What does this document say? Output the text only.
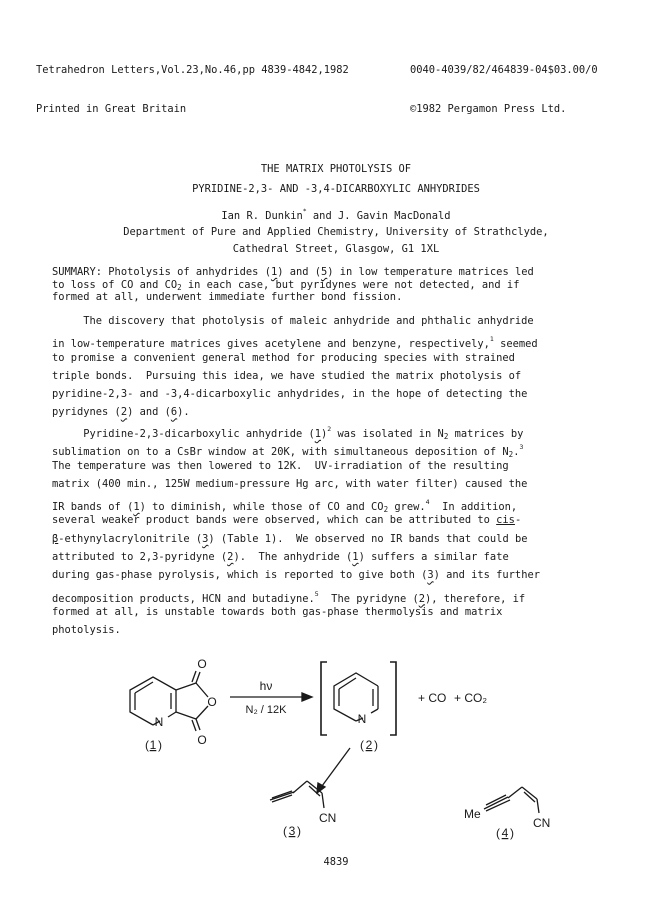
Tetrahedron Letters,Vol.23,No.46,pp 4839-4842,1982

Printed in Great Britain

0040-4039/82/464839-04$03.00/0

©1982 Pergamon Press Ltd.

THE MATRIX PHOTOLYSIS OF
PYRIDINE-2,3- AND -3,4-DICARBOXYLIC ANHYDRIDES
Ian R. Dunkin* and J. Gavin MacDonald
Department of Pure and Applied Chemistry, University of Strathclyde,
Cathedral Street, Glasgow, G1 1XL
SUMMARY: Photolysis of anhydrides (1) and (5) in low temperature matrices led
to loss of CO and $CO_2$ in each case, but pyridynes were not detected, and if
formed at all, underwent immediate further bond fission.
The discovery that photolysis of maleic anhydride and phthalic anhydride
in low-temperature matrices gives acetylene and benzyne, respectively,$^1$ seemed
to promise a convenient general method for producing species with strained
triple bonds.  Pursuing this idea, we have studied the matrix photolysis of
pyridine-2,3- and -3,4-dicarboxylic anhydrides, in the hope of detecting the
pyridynes (2) and (6).
Pyridine-2,3-dicarboxylic anhydride (1)$^2$ was isolated in $N_2$ matrices by
sublimation on to a CsBr window at 20K, with simultaneous deposition of $N_2.^3$
The temperature was then lowered to 12K.  UV-irradiation of the resulting
matrix (400 min., 125W medium-pressure Hg arc, with water filter) caused the
IR bands of (1) to diminish, while those of CO and $CO_2$ grew.$^4$  In addition,
several weaker product bands were observed, which can be attributed to cis-
β-ethynylacrylonitrile (3) (Table 1).  We observed no IR bands that could be
attributed to 2,3-pyridyne (2).  The anhydride (1) suffers a similar fate
during gas-phase pyrolysis, which is reported to give both (3) and its further
decomposition products, HCN and butadiyne.$^5$  The pyridyne (2), therefore, if
formed at all, is unstable towards both gas-phase thermolysis and matrix
photolysis.
N
O
O
O
1
( )
hν
N₂ / 12K
N
+ CO + CO₂
( 2 )
CN
( 3 )
Me
CN
( 4 )
4839
